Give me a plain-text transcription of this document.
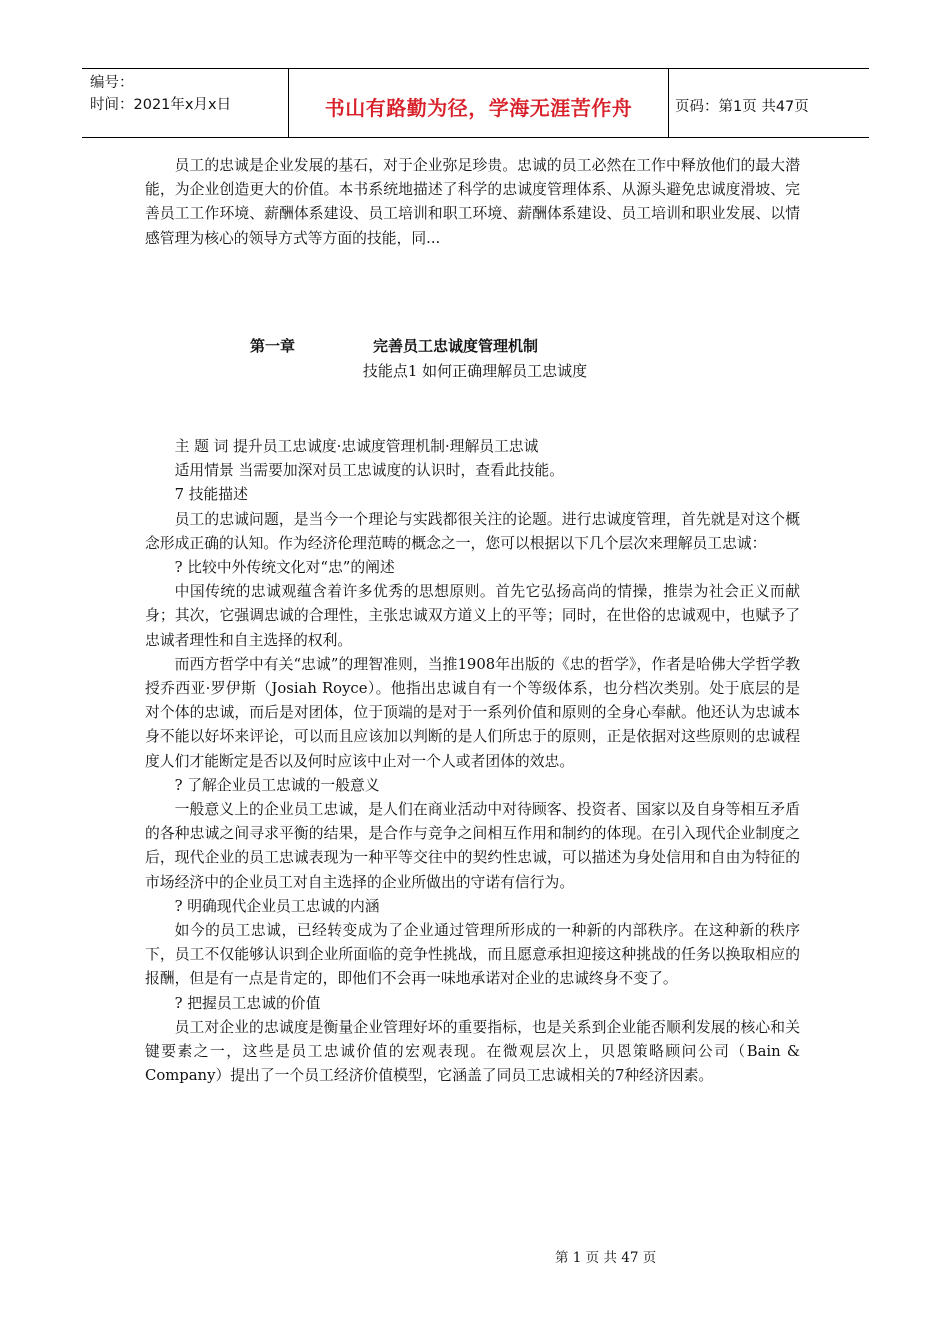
编号：
时间：2021年x月x日	书山有路勤为径，学海无涯苦作舟	页码：第1页 共47页

员工的忠诚是企业发展的基石，对于企业弥足珍贵。忠诚的员工必然在工作中释放他们的最大潜能，为企业创造更大的价值。本书系统地描述了科学的忠诚度管理体系、从源头避免忠诚度滑坡、完善员工工作环境、薪酬体系建设、员工培训和职工环境、薪酬体系建设、员工培训和职业发展、以情感管理为核心的领导方式等方面的技能，同...

第一章	完善员工忠诚度管理机制
技能点1 如何正确理解员工忠诚度

主 题 词 提升员工忠诚度·忠诚度管理机制·理解员工忠诚

适用情景 当需要加深对员工忠诚度的认识时，查看此技能。

7 技能描述

员工的忠诚问题，是当今一个理论与实践都很关注的论题。进行忠诚度管理，首先就是对这个概念形成正确的认知。作为经济伦理范畴的概念之一，您可以根据以下几个层次来理解员工忠诚：

? 比较中外传统文化对“忠”的阐述

中国传统的忠诚观蕴含着许多优秀的思想原则。首先它弘扬高尚的情操，推崇为社会正义而献身；其次，它强调忠诚的合理性，主张忠诚双方道义上的平等；同时，在世俗的忠诚观中，也赋予了忠诚者理性和自主选择的权利。

而西方哲学中有关“忠诚”的理智准则，当推1908年出版的《忠的哲学》，作者是哈佛大学哲学教授乔西亚·罗伊斯（Josiah Royce）。他指出忠诚自有一个等级体系，也分档次类别。处于底层的是对个体的忠诚，而后是对团体，位于顶端的是对于一系列价值和原则的全身心奉献。他还认为忠诚本身不能以好坏来评论，可以而且应该加以判断的是人们所忠于的原则，正是依据对这些原则的忠诚程度人们才能断定是否以及何时应该中止对一个人或者团体的效忠。

? 了解企业员工忠诚的一般意义

一般意义上的企业员工忠诚，是人们在商业活动中对待顾客、投资者、国家以及自身等相互矛盾的各种忠诚之间寻求平衡的结果，是合作与竞争之间相互作用和制约的体现。在引入现代企业制度之后，现代企业的员工忠诚表现为一种平等交往中的契约性忠诚，可以描述为身处信用和自由为特征的市场经济中的企业员工对自主选择的企业所做出的守诺有信行为。

? 明确现代企业员工忠诚的内涵

如今的员工忠诚，已经转变成为了企业通过管理所形成的一种新的内部秩序。在这种新的秩序下，员工不仅能够认识到企业所面临的竞争性挑战，而且愿意承担迎接这种挑战的任务以换取相应的报酬，但是有一点是肯定的，即他们不会再一味地承诺对企业的忠诚终身不变了。

? 把握员工忠诚的价值

员工对企业的忠诚度是衡量企业管理好坏的重要指标，也是关系到企业能否顺利发展的核心和关键要素之一，这些是员工忠诚价值的宏观表现。在微观层次上，贝恩策略顾问公司（Bain & Company）提出了一个员工经济价值模型，它涵盖了同员工忠诚相关的7种经济因素。

第 1 页 共 47 页
